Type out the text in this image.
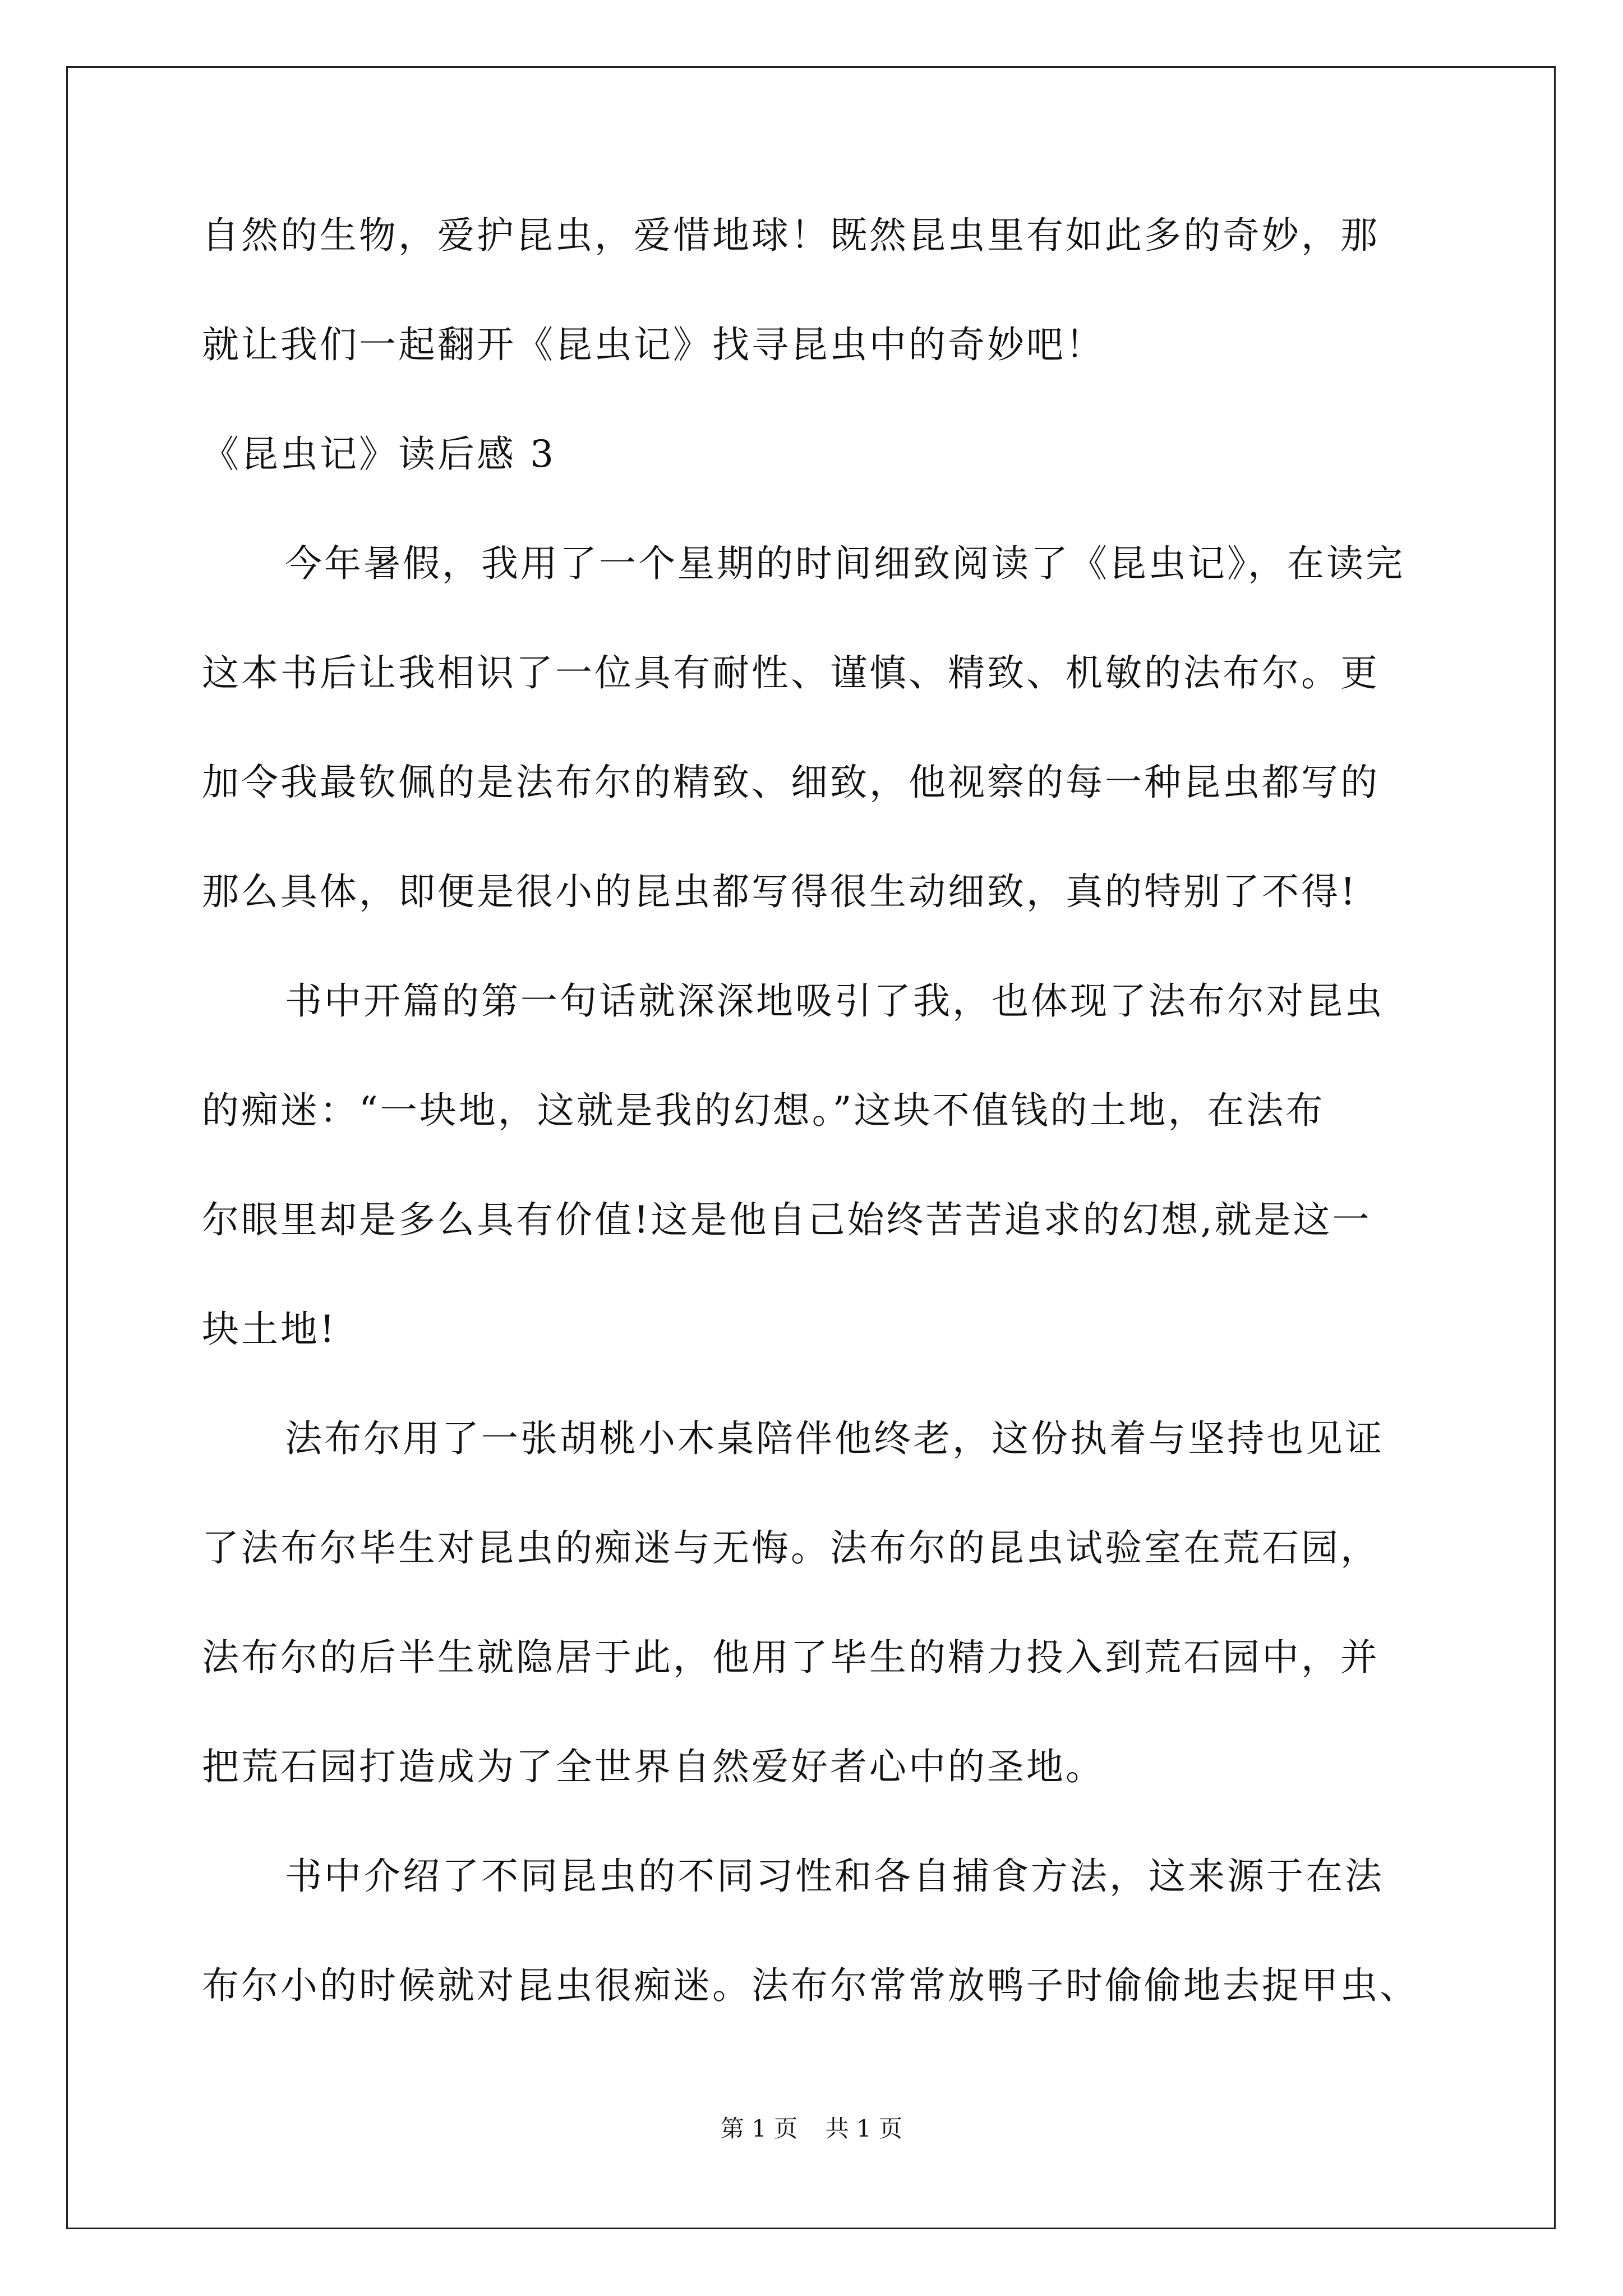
自然的生物，爱护昆虫，爱惜地球！既然昆虫里有如此多的奇妙，那
就让我们一起翻开《昆虫记》找寻昆虫中的奇妙吧！
《昆虫记》读后感 3
今年暑假，我用了一个星期的时间细致阅读了《昆虫记》，在读完
这本书后让我相识了一位具有耐性、谨慎、精致、机敏的法布尔。更
加令我最钦佩的是法布尔的精致、细致，他视察的每一种昆虫都写的
那么具体，即便是很小的昆虫都写得很生动细致，真的特别了不得!
书中开篇的第一句话就深深地吸引了我，也体现了法布尔对昆虫
的痴迷：“一块地，这就是我的幻想。”这块不值钱的土地，在法布
尔眼里却是多么具有价值!这是他自己始终苦苦追求的幻想,就是这一
块土地!
法布尔用了一张胡桃小木桌陪伴他终老，这份执着与坚持也见证
了法布尔毕生对昆虫的痴迷与无悔。法布尔的昆虫试验室在荒石园，
法布尔的后半生就隐居于此，他用了毕生的精力投入到荒石园中，并
把荒石园打造成为了全世界自然爱好者心中的圣地。
书中介绍了不同昆虫的不同习性和各自捕食方法，这来源于在法
布尔小的时候就对昆虫很痴迷。法布尔常常放鸭子时偷偷地去捉甲虫、
第 1 页 共 1 页
